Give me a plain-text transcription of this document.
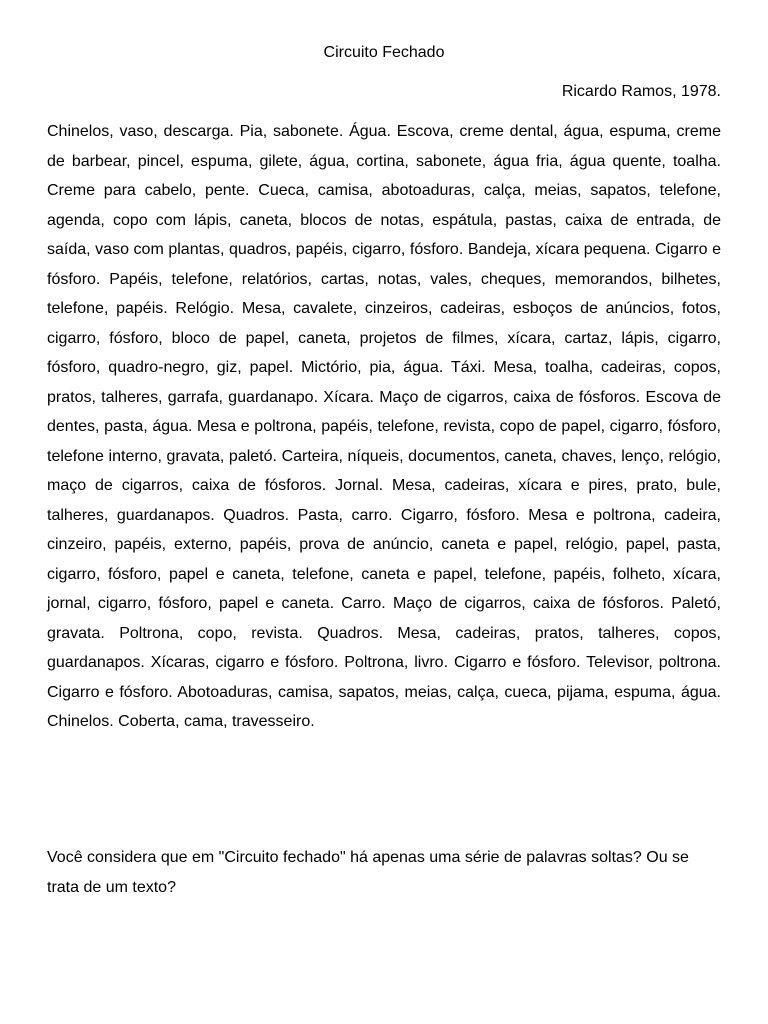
Circuito Fechado
Ricardo Ramos, 1978.

Chinelos, vaso, descarga. Pia, sabonete. Água. Escova, creme dental, água, espuma, creme de barbear, pincel, espuma, gilete, água, cortina, sabonete, água fria, água quente, toalha. Creme para cabelo, pente. Cueca, camisa, abotoaduras, calça, meias, sapatos, telefone, agenda, copo com lápis, caneta, blocos de notas, espátula, pastas, caixa de entrada, de saída, vaso com plantas, quadros, papéis, cigarro, fósforo. Bandeja, xícara pequena. Cigarro e fósforo. Papéis, telefone, relatórios, cartas, notas, vales, cheques, memorandos, bilhetes, telefone, papéis. Relógio. Mesa, cavalete, cinzeiros, cadeiras, esboços de anúncios, fotos, cigarro, fósforo, bloco de papel, caneta, projetos de filmes, xícara, cartaz, lápis, cigarro, fósforo, quadro-negro, giz, papel. Mictório, pia, água. Táxi. Mesa, toalha, cadeiras, copos, pratos, talheres, garrafa, guardanapo. Xícara. Maço de cigarros, caixa de fósforos. Escova de dentes, pasta, água. Mesa e poltrona, papéis, telefone, revista, copo de papel, cigarro, fósforo, telefone interno, gravata, paletó. Carteira, níqueis, documentos, caneta, chaves, lenço, relógio, maço de cigarros, caixa de fósforos. Jornal. Mesa, cadeiras, xícara e pires, prato, bule, talheres, guardanapos. Quadros. Pasta, carro. Cigarro, fósforo. Mesa e poltrona, cadeira, cinzeiro, papéis, externo, papéis, prova de anúncio, caneta e papel, relógio, papel, pasta, cigarro, fósforo, papel e caneta, telefone, caneta e papel, telefone, papéis, folheto, xícara, jornal, cigarro, fósforo, papel e caneta. Carro. Maço de cigarros, caixa de fósforos. Paletó, gravata. Poltrona, copo, revista. Quadros. Mesa, cadeiras, pratos, talheres, copos, guardanapos. Xícaras, cigarro e fósforo. Poltrona, livro. Cigarro e fósforo. Televisor, poltrona. Cigarro e fósforo. Abotoaduras, camisa, sapatos, meias, calça, cueca, pijama, espuma, água. Chinelos. Coberta, cama, travesseiro.

Você considera que em "Circuito fechado" há apenas uma série de palavras soltas? Ou se trata de um texto?
